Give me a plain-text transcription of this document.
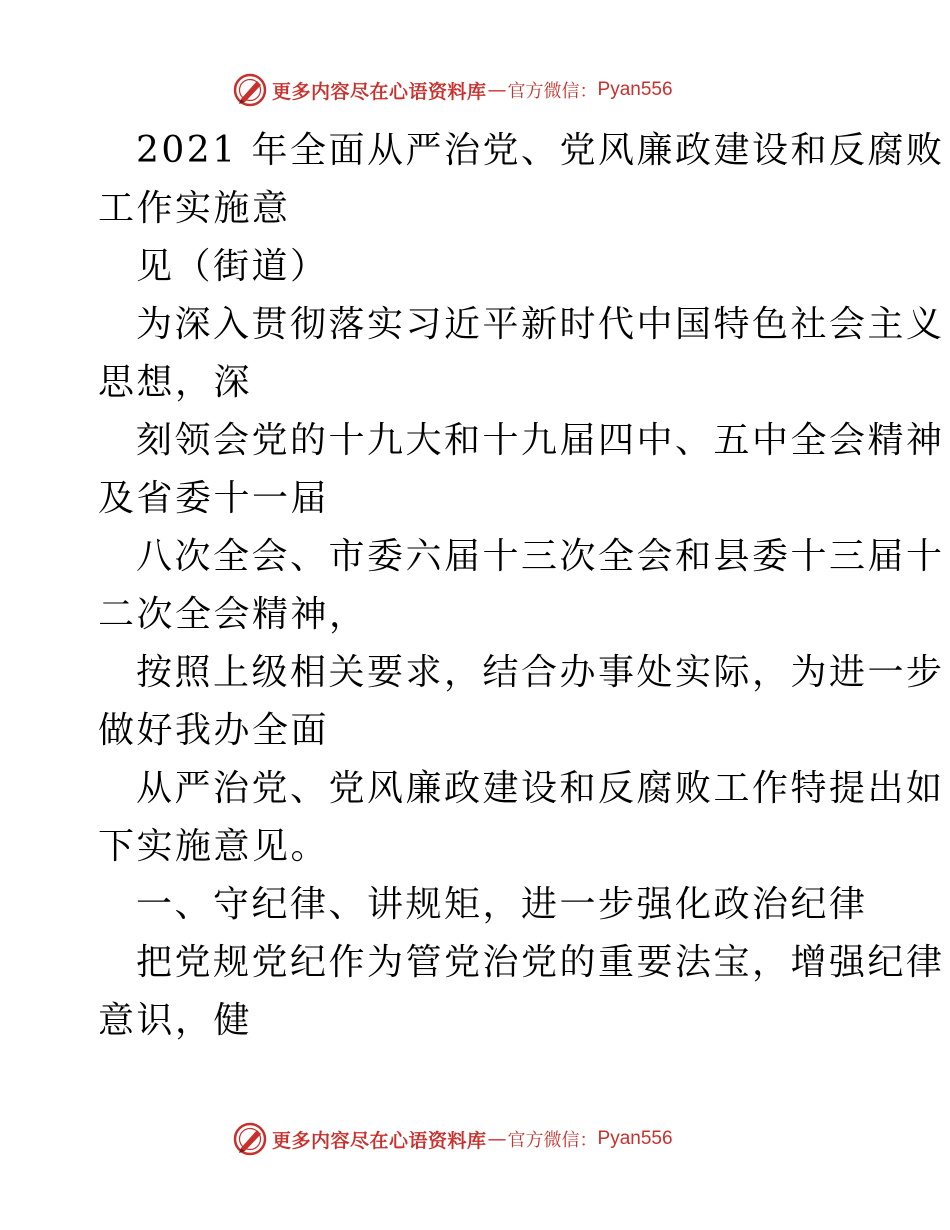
更多内容尽在心语资料库 — 官方微信： Pyan556
2021 年全面从严治党、党风廉政建设和反腐败
工作实施意
见（街道）
为深入贯彻落实习近平新时代中国特色社会主义
思想，深
刻领会党的十九大和十九届四中、五中全会精神
及省委十一届
八次全会、市委六届十三次全会和县委十三届十
二次全会精神，
按照上级相关要求，结合办事处实际，为进一步
做好我办全面
从严治党、党风廉政建设和反腐败工作特提出如
下实施意见。
一、守纪律、讲规矩，进一步强化政治纪律
把党规党纪作为管党治党的重要法宝，增强纪律
意识，健
更多内容尽在心语资料库 — 官方微信： Pyan556
